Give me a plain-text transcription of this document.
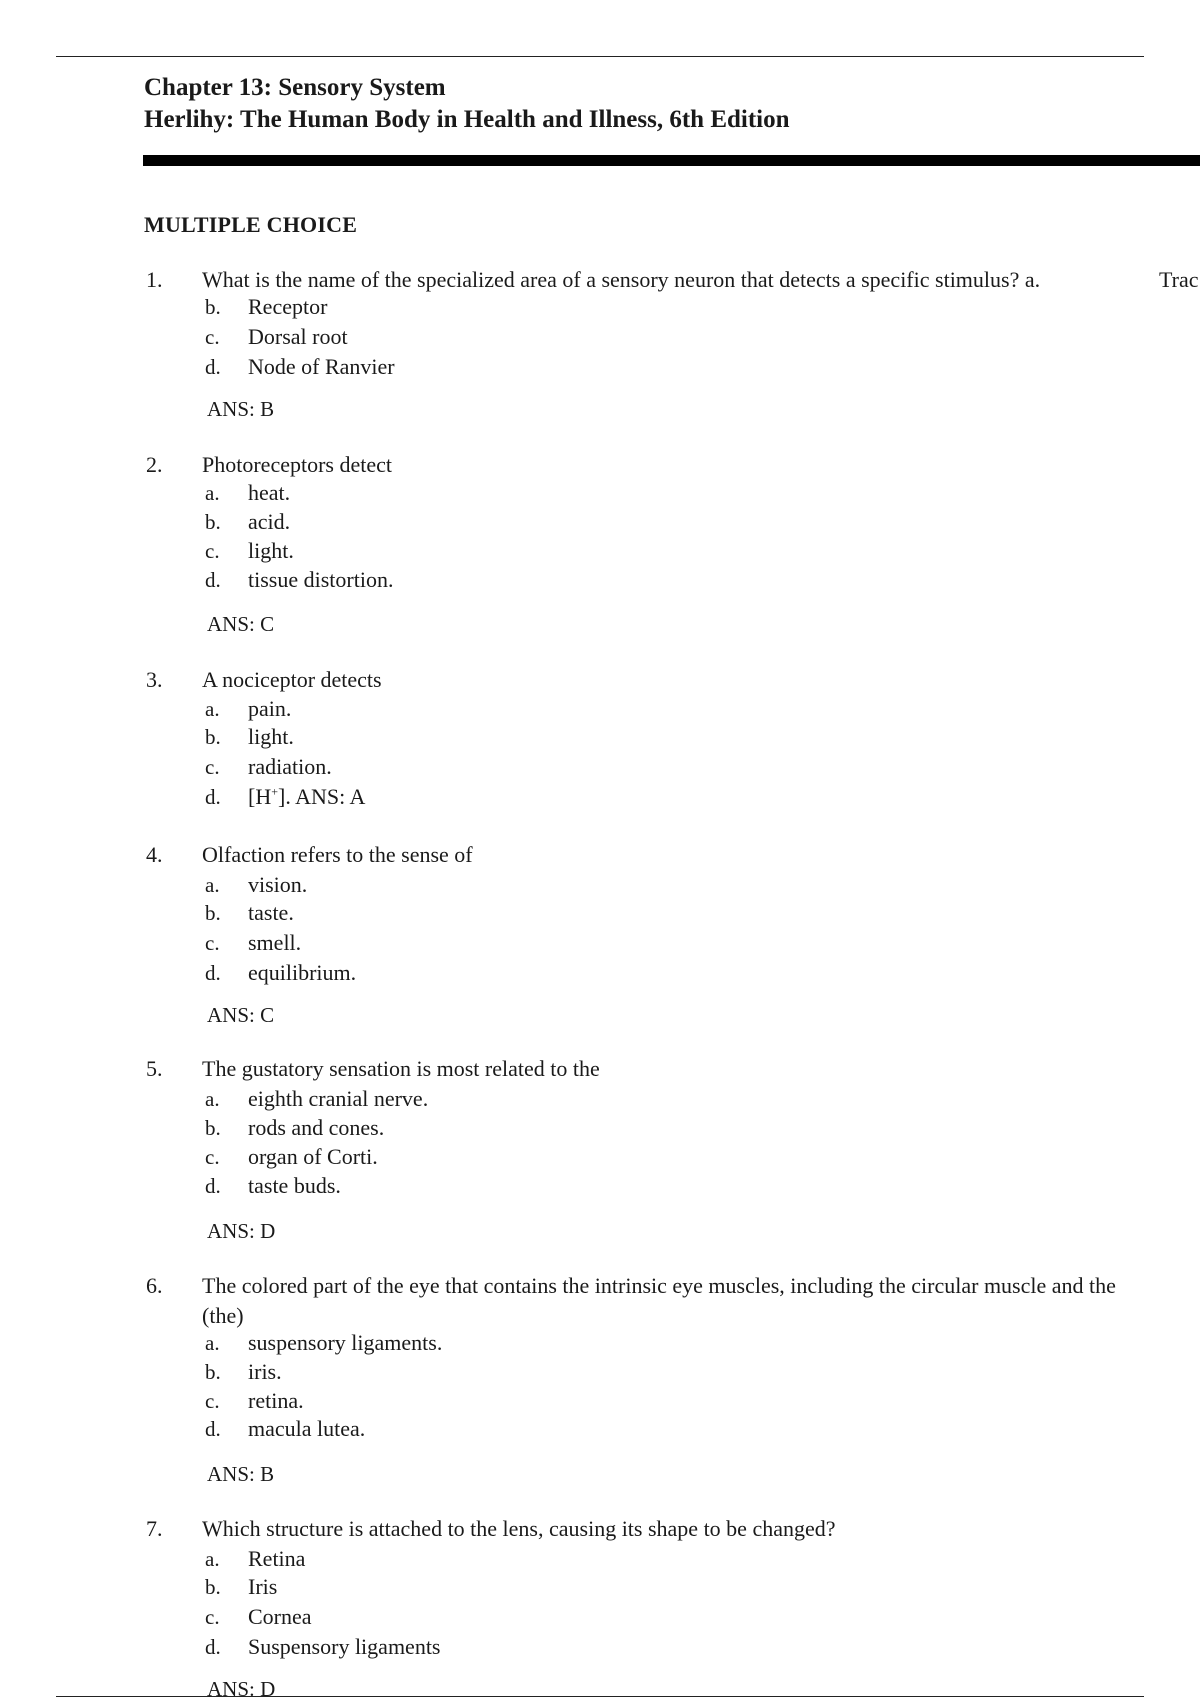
Chapter 13: Sensory System
Herlihy: The Human Body in Health and Illness, 6th Edition
MULTIPLE CHOICE
1. What is the name of the specialized area of a sensory neuron that detects a specific stimulus? a.	Trac
b. Receptor
c. Dorsal root
d. Node of Ranvier
ANS: B
2. Photoreceptors detect
a. heat.
b. acid.
c. light.
d. tissue distortion.
ANS: C
3. A nociceptor detects
a. pain.
b. light.
c. radiation.
d. [H+]. ANS: A
4. Olfaction refers to the sense of
a. vision.
b. taste.
c. smell.
d. equilibrium.
ANS: C
5. The gustatory sensation is most related to the
a. eighth cranial nerve.
b. rods and cones.
c. organ of Corti.
d. taste buds.
ANS: D
6. The colored part of the eye that contains the intrinsic eye muscles, including the circular muscle and the
(the)
a. suspensory ligaments.
b. iris.
c. retina.
d. macula lutea.
ANS: B
7. Which structure is attached to the lens, causing its shape to be changed?
a. Retina
b. Iris
c. Cornea
d. Suspensory ligaments
ANS: D
